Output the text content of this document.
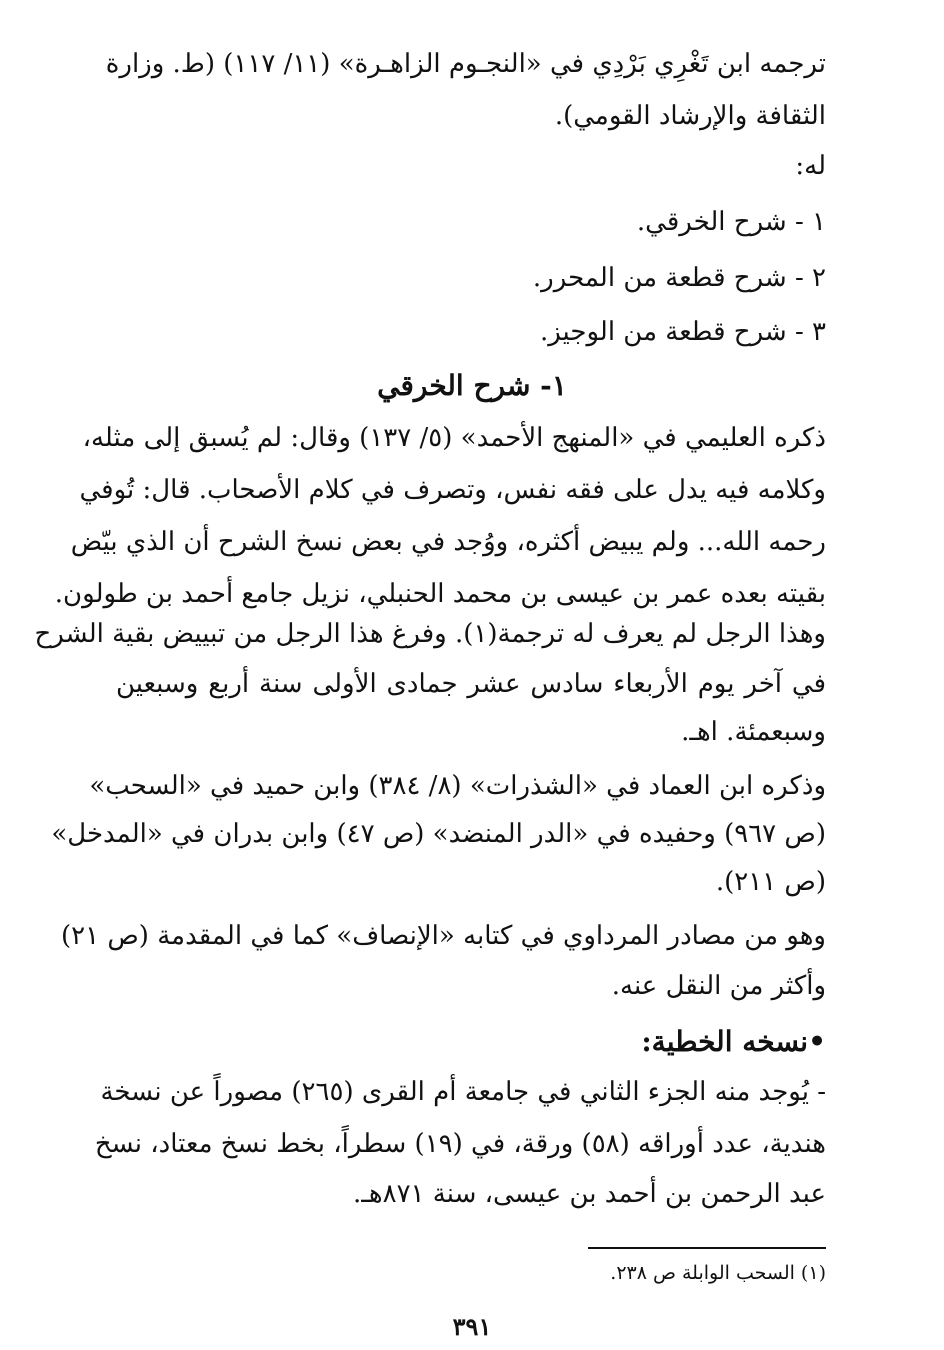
ترجمه ابن تَغْرِي بَرْدِي في «النجـوم الزاهـرة» (١١/ ١١٧) (ط. وزارة
الثقافة والإرشاد القومي).
له:
١ - شرح الخرقي.
٢ - شرح قطعة من المحرر.
٣ - شرح قطعة من الوجيز.
١- شرح الخرقي
ذكره العليمي في «المنهج الأحمد» (٥/ ١٣٧) وقال: لم يُسبق إلى مثله،
وكلامه فيه يدل على فقه نفس، وتصرف في كلام الأصحاب. قال: تُوفي
رحمه الله... ولم يبيض أكثره، ووُجد في بعض نسخ الشرح أن الذي بيّض
بقيته بعده عمر بن عيسى بن محمد الحنبلي، نزيل جامع أحمد بن طولون.
وهذا الرجل لم يعرف له ترجمة(١). وفرغ هذا الرجل من تبييض بقية الشرح
في آخر يوم الأربعاء سادس عشر جمادى الأولى سنة أربع وسبعين
وسبعمئة. اهـ.
وذكره ابن العماد في «الشذرات» (٨/ ٣٨٤) وابن حميد في «السحب»
(ص ٩٦٧) وحفيده في «الدر المنضد» (ص ٤٧) وابن بدران في «المدخل»
(ص ٢١١).
وهو من مصادر المرداوي في كتابه «الإنصاف» كما في المقدمة (ص ٢١)
وأكثر من النقل عنه.
•نسخه الخطية:
- يُوجد منه الجزء الثاني في جامعة أم القرى (٢٦٥) مصوراً عن نسخة
هندية، عدد أوراقه (٥٨) ورقة، في (١٩) سطراً، بخط نسخ معتاد، نسخ
عبد الرحمن بن أحمد بن عيسى، سنة ٨٧١هـ.
(١) السحب الوابلة ص ٢٣٨.
٣٩١
